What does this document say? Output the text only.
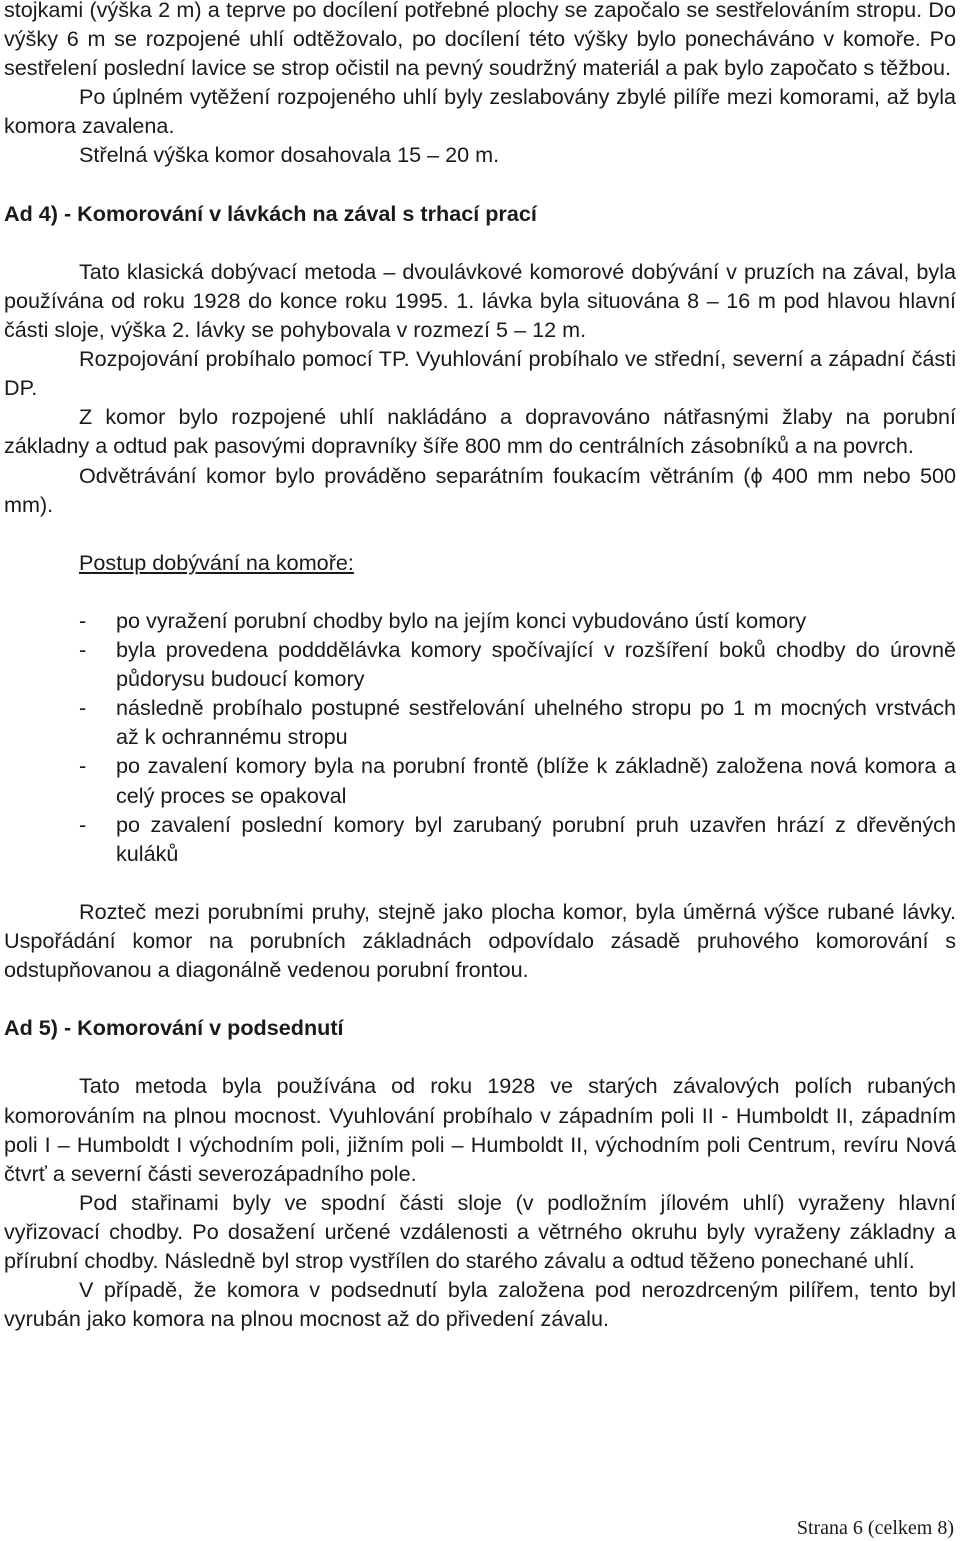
stojkami (výška 2 m) a teprve po docílení potřebné plochy se započalo se sestřelováním stropu. Do výšky 6 m se rozpojené uhlí odtěžovalo, po docílení této výšky bylo ponecháváno v komoře. Po sestřelení poslední lavice se strop očistil na pevný soudržný materiál a pak bylo započato s těžbou.

Po úplném vytěžení rozpojeného uhlí byly zeslabovány zbylé pilíře mezi komorami, až byla komora zavalena.

Střelná výška komor dosahovala 15 – 20 m.

Ad 4) - Komorování v lávkách na zával s trhací prací

Tato klasická dobývací metoda – dvoulávkové komorové dobývání v pruzích na zával, byla používána od roku 1928 do konce roku 1995. 1. lávka byla situována 8 – 16 m pod hlavou hlavní části sloje, výška 2. lávky se pohybovala v rozmezí 5 – 12 m.

Rozpojování probíhalo pomocí TP. Vyuhlování probíhalo ve střední, severní a západní části DP.

Z komor bylo rozpojené uhlí nakládáno a dopravováno nátřasnými žlaby na porubní základny a odtud pak pasovými dopravníky šíře 800 mm do centrálních zásobníků a na povrch.

Odvětrávání komor bylo prováděno separátním foukacím větráním (ϕ 400 mm nebo 500 mm).

Postup dobývání na komoře:

- po vyražení porubní chodby bylo na jejím konci vybudováno ústí komory
- byla provedena podddělávka komory spočívající v rozšíření boků chodby do úrovně půdorysu budoucí komory
- následně probíhalo postupné sestřelování uhelného stropu po 1 m mocných vrstvách až k ochrannému stropu
- po zavalení komory byla na porubní frontě (blíže k základně) založena nová komora a celý proces se opakoval
- po zavalení poslední komory byl zarubaný porubní pruh uzavřen hrází z dřevěných kuláků

Rozteč mezi porubními pruhy, stejně jako plocha komor, byla úměrná výšce rubané lávky. Uspořádání komor na porubních základnách odpovídalo zásadě pruhového komorování s odstupňovanou a diagonálně vedenou porubní frontou.

Ad 5) - Komorování v podsednutí

Tato metoda byla používána od roku 1928 ve starých závalových polích rubaných komorováním na plnou mocnost. Vyuhlování probíhalo v západním poli II - Humboldt II, západním poli I – Humboldt I východním poli, jižním poli – Humboldt II, východním poli Centrum, revíru Nová čtvrť a severní části severozápadního pole.

Pod stařinami byly ve spodní části sloje (v podložním jílovém uhlí) vyraženy hlavní vyřizovací chodby. Po dosažení určené vzdálenosti a větrného okruhu byly vyraženy základny a přírubní chodby. Následně byl strop vystřílen do starého závalu a odtud těženo ponechané uhlí.

V případě, že komora v podsednutí byla založena pod nerozdrceným pilířem, tento byl vyrubán jako komora na plnou mocnost až do přivedení závalu.

Strana 6 (celkem 8)
